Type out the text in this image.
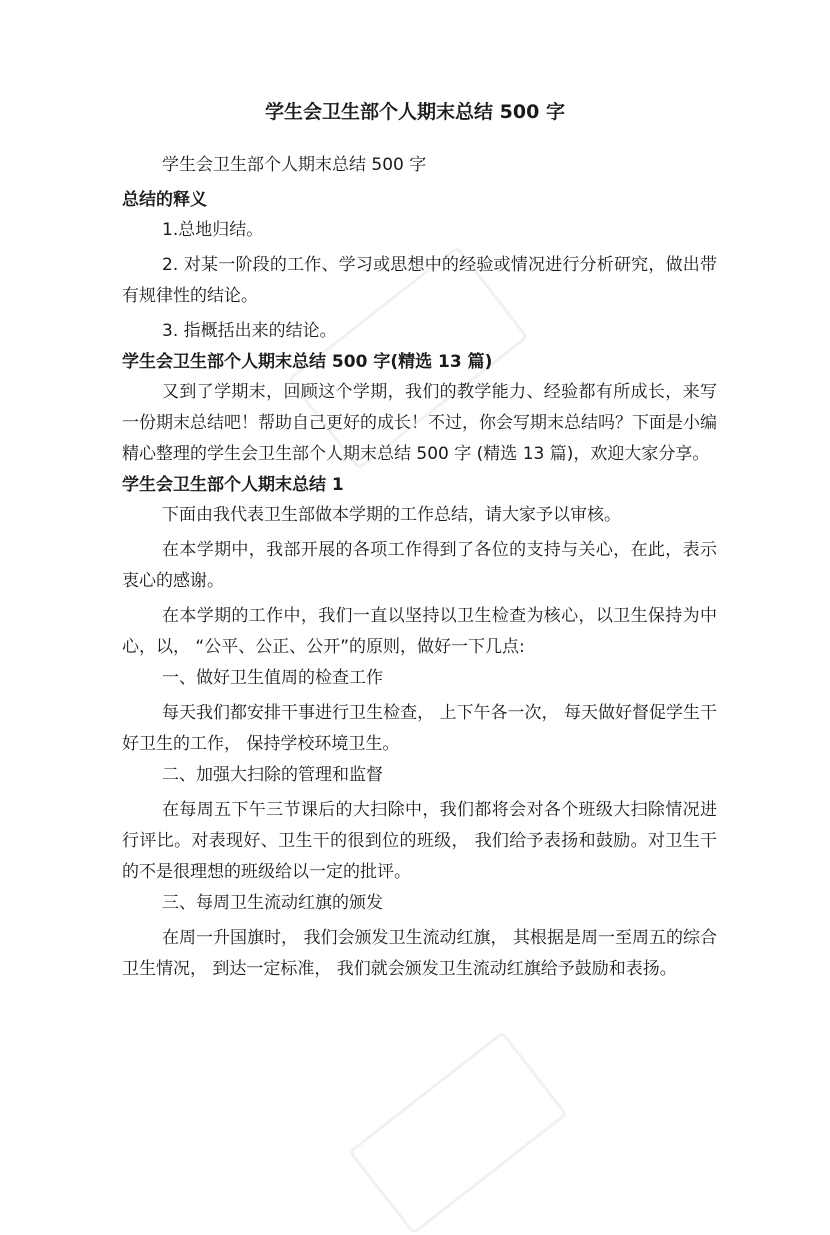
学生会卫生部个人期末总结 500 字

学生会卫生部个人期末总结 500 字

总结的释义

1.总地归结。

2. 对某一阶段的工作、学习或思想中的经验或情况进行分析研究，做出带有规律性的结论。

3. 指概括出来的结论。

学生会卫生部个人期末总结 500 字(精选 13 篇)

又到了学期末，回顾这个学期，我们的教学能力、经验都有所成长，来写一份期末总结吧！帮助自己更好的成长！不过，你会写期末总结吗？下面是小编精心整理的学生会卫生部个人期末总结 500 字 (精选 13 篇)，欢迎大家分享。

学生会卫生部个人期末总结 1

下面由我代表卫生部做本学期的工作总结，请大家予以审核。

在本学期中，我部开展的各项工作得到了各位的支持与关心，在此，表示衷心的感谢。

在本学期的工作中，我们一直以坚持以卫生检查为核心，以卫生保持为中心，以， “公平、公正、公开”的原则，做好一下几点:

一、做好卫生值周的检查工作

每天我们都安排干事进行卫生检查， 上下午各一次， 每天做好督促学生干好卫生的工作， 保持学校环境卫生。

二、加强大扫除的管理和监督

在每周五下午三节课后的大扫除中，我们都将会对各个班级大扫除情况进行评比。对表现好、卫生干的很到位的班级， 我们给予表扬和鼓励。对卫生干的不是很理想的班级给以一定的批评。

三、每周卫生流动红旗的颁发

在周一升国旗时， 我们会颁发卫生流动红旗， 其根据是周一至周五的综合卫生情况， 到达一定标准， 我们就会颁发卫生流动红旗给予鼓励和表扬。
